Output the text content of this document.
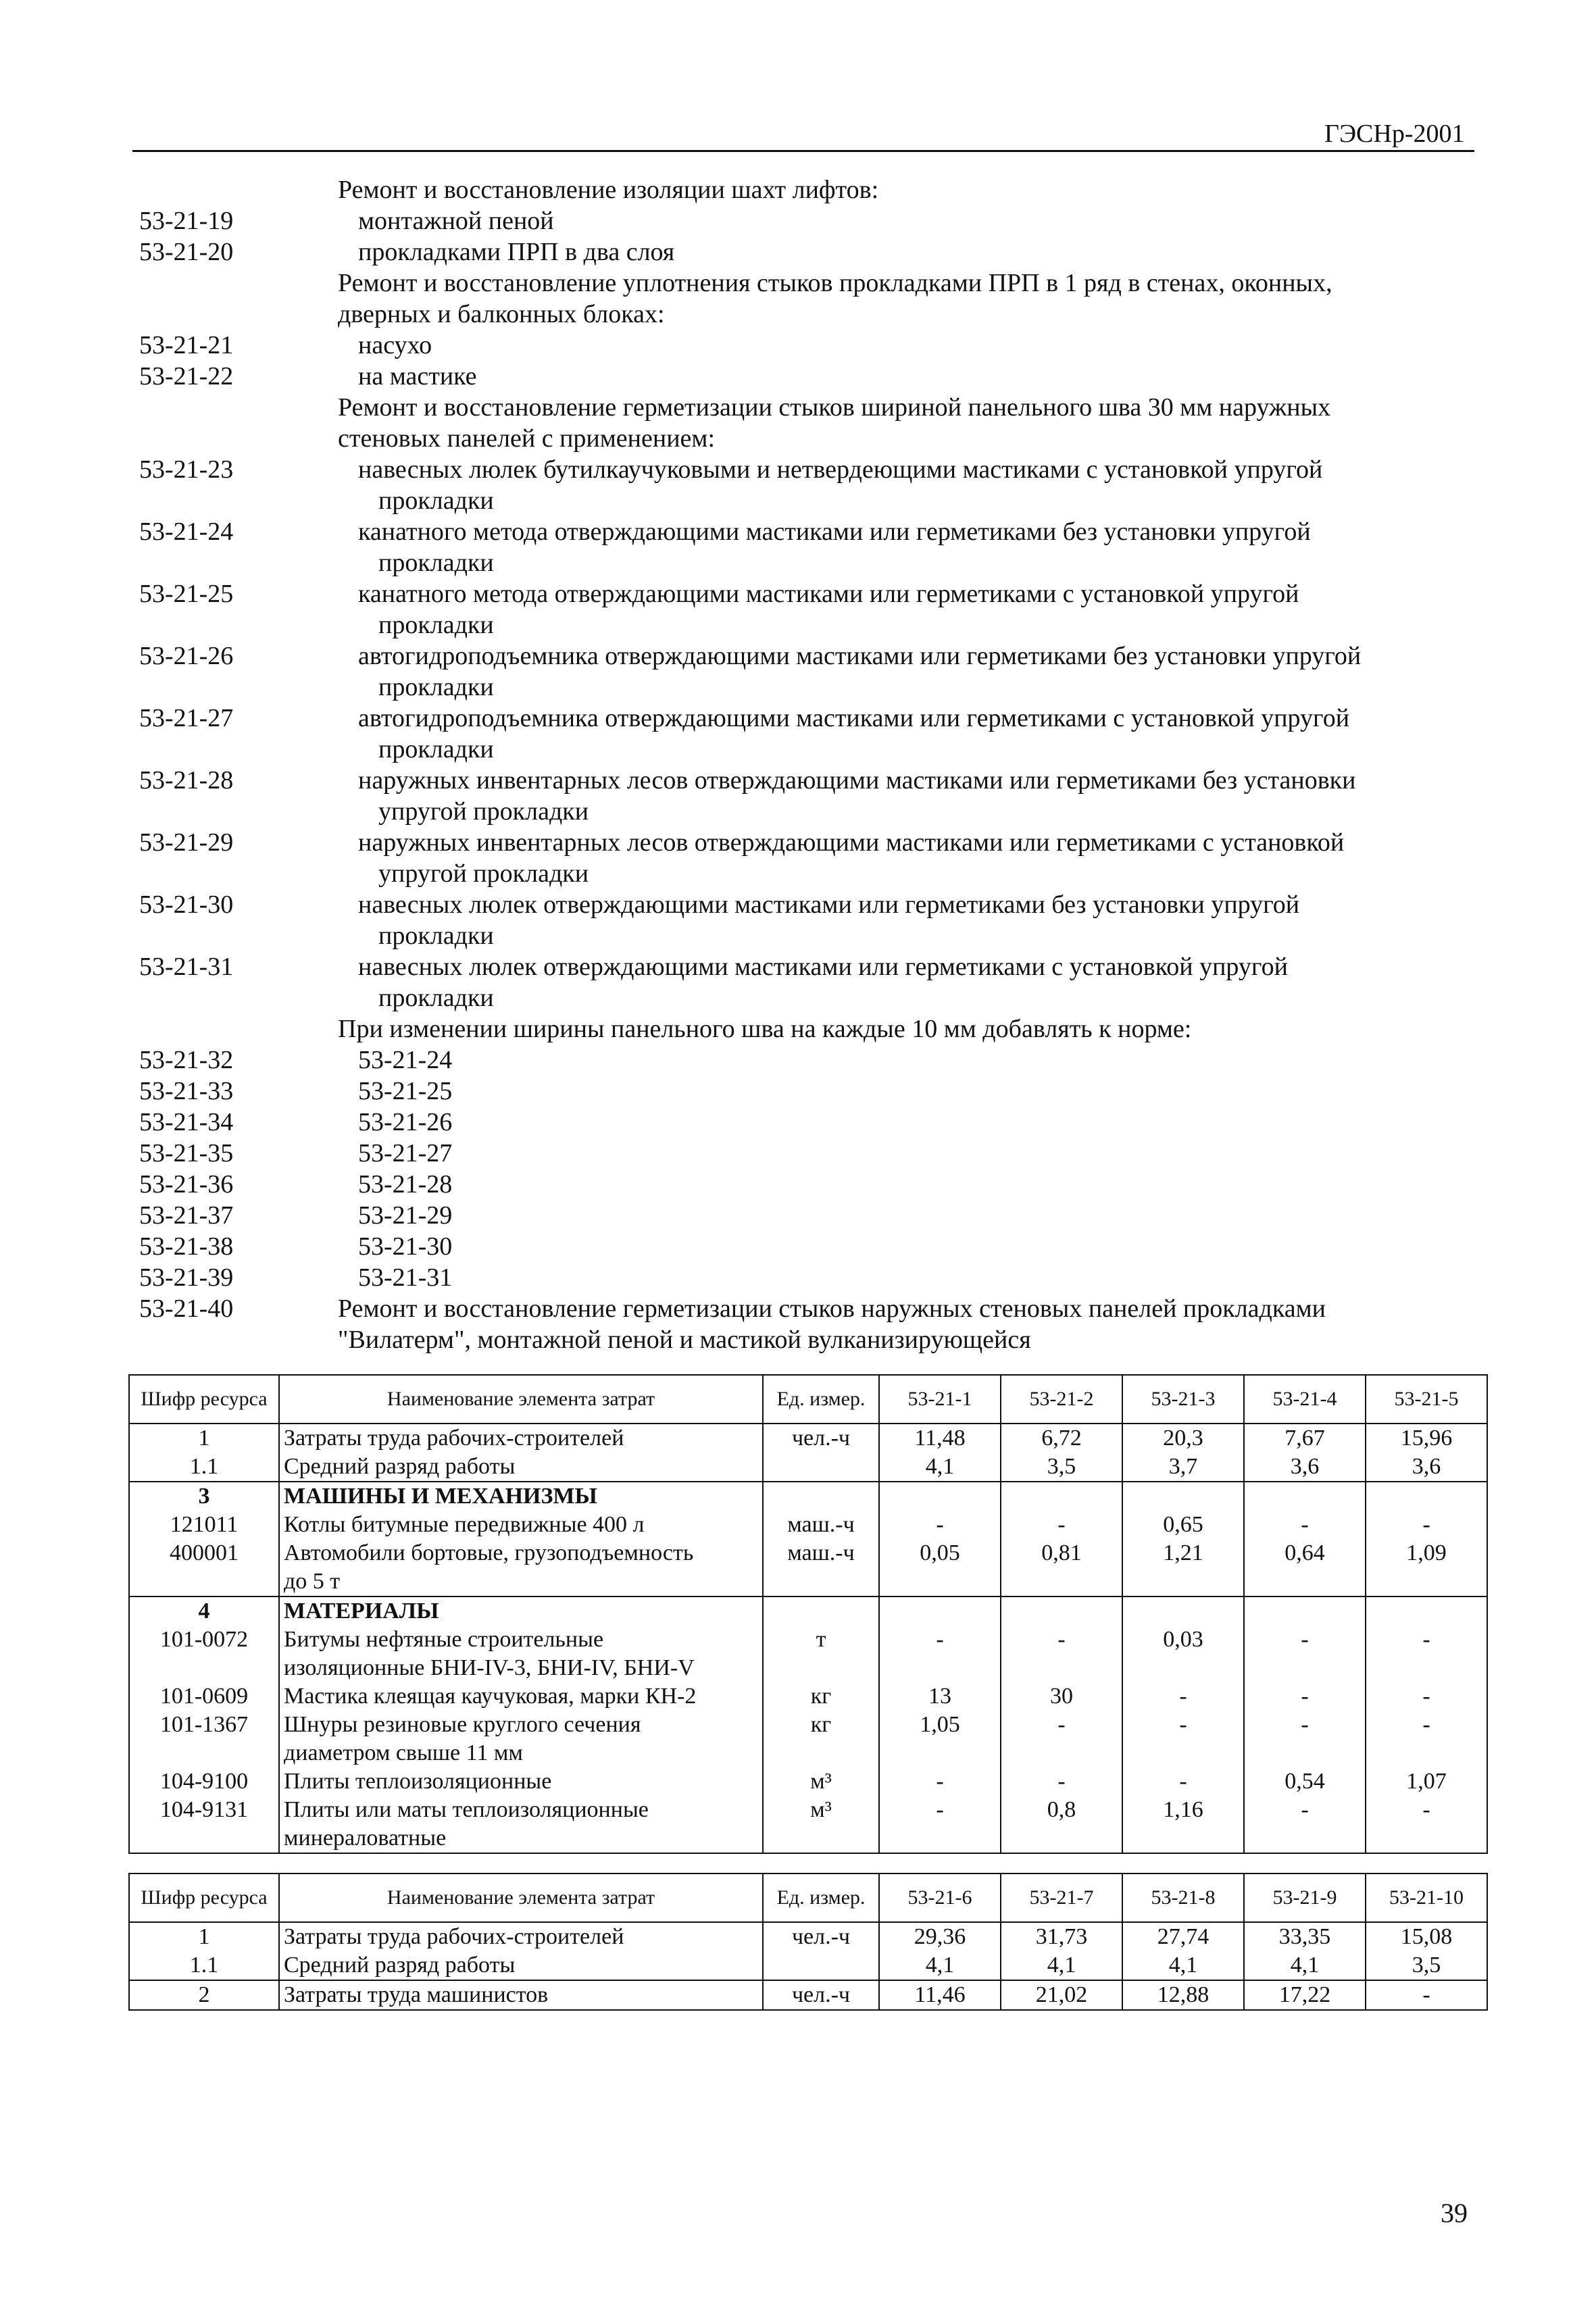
ГЭСНр-2001
Ремонт и восстановление изоляции шахт лифтов:
53-21-19	монтажной пеной
53-21-20	прокладками ПРП в два слоя
Ремонт и восстановление уплотнения стыков прокладками ПРП в 1 ряд в стенах, оконных,
дверных и балконных блоках:
53-21-21	насухо
53-21-22	на мастике
Ремонт и восстановление герметизации стыков шириной панельного шва 30 мм наружных
стеновых панелей с применением:
53-21-23	навесных люлек бутилкаучуковыми и нетвердеющими мастиками с установкой упругой
прокладки
53-21-24	канатного метода отверждающими мастиками или герметиками без установки упругой
прокладки
53-21-25	канатного метода отверждающими мастиками или герметиками с установкой упругой
прокладки
53-21-26	автогидроподъемника отверждающими мастиками или герметиками без установки упругой
прокладки
53-21-27	автогидроподъемника отверждающими мастиками или герметиками с установкой упругой
прокладки
53-21-28	наружных инвентарных лесов отверждающими мастиками или герметиками без установки
упругой прокладки
53-21-29	наружных инвентарных лесов отверждающими мастиками или герметиками с установкой
упругой прокладки
53-21-30	навесных люлек отверждающими мастиками или герметиками без установки упругой
прокладки
53-21-31	навесных люлек отверждающими мастиками или герметиками с установкой упругой
прокладки
При изменении ширины панельного шва на каждые 10 мм добавлять к норме:
53-21-32	53-21-24
53-21-33	53-21-25
53-21-34	53-21-26
53-21-35	53-21-27
53-21-36	53-21-28
53-21-37	53-21-29
53-21-38	53-21-30
53-21-39	53-21-31
53-21-40	Ремонт и восстановление герметизации стыков наружных стеновых панелей прокладками
"Вилатерм", монтажной пеной и мастикой вулканизирующейся
Шифр ресурса	Наименование элемента затрат	Ед. измер.	53-21-1	53-21-2	53-21-3	53-21-4	53-21-5
1	Затраты труда рабочих-строителей	чел.-ч	11,48	6,72	20,3	7,67	15,96
1.1	Средний разряд работы		4,1	3,5	3,7	3,6	3,6
3	МАШИНЫ И МЕХАНИЗМЫ						
121011	Котлы битумные передвижные 400 л	маш.-ч	-	-	0,65	-	-
400001	Автомобили бортовые, грузоподъемность	маш.-ч	0,05	0,81	1,21	0,64	1,09
	до 5 т						
4	МАТЕРИАЛЫ						
101-0072	Битумы нефтяные строительные	т	-	-	0,03	-	-
	изоляционные БНИ-IV-3, БНИ-IV, БНИ-V						
101-0609	Мастика клеящая каучуковая, марки КН-2	кг	13	30	-	-	-
101-1367	Шнуры резиновые круглого сечения	кг	1,05	-	-	-	-
	диаметром свыше 11 мм						
104-9100	Плиты теплоизоляционные	м³	-	-	-	0,54	1,07
104-9131	Плиты или маты теплоизоляционные	м³	-	0,8	1,16	-	-
	минераловатные						
Шифр ресурса	Наименование элемента затрат	Ед. измер.	53-21-6	53-21-7	53-21-8	53-21-9	53-21-10
1	Затраты труда рабочих-строителей	чел.-ч	29,36	31,73	27,74	33,35	15,08
1.1	Средний разряд работы		4,1	4,1	4,1	4,1	3,5
2	Затраты труда машинистов	чел.-ч	11,46	21,02	12,88	17,22	-
39
